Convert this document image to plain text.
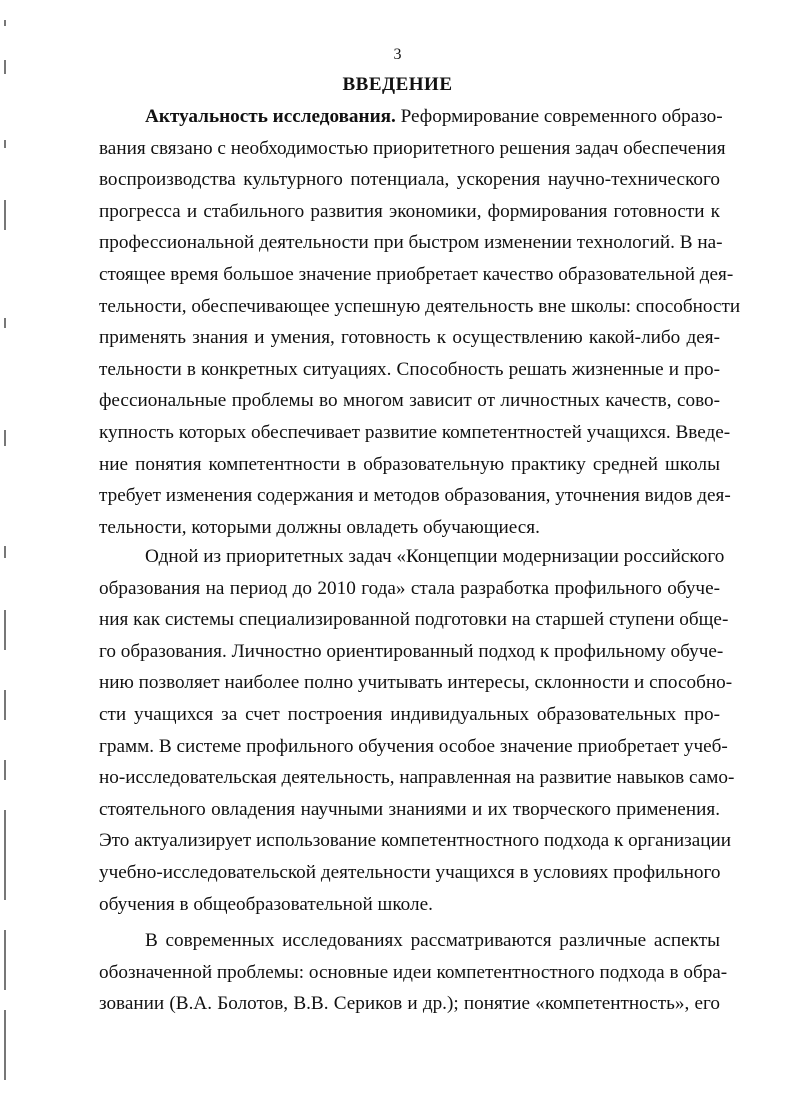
3
ВВЕДЕНИЕ
Актуальность исследования. Реформирование современного образо-
вания связано с необходимостью приоритетного решения задач обеспечения
воспроизводства культурного потенциала, ускорения научно-технического
прогресса и стабильного развития экономики, формирования готовности к
профессиональной деятельности при быстром изменении технологий. В на-
стоящее время большое значение приобретает качество образовательной дея-
тельности, обеспечивающее успешную деятельность вне школы: способности
применять знания и умения, готовность к осуществлению какой-либо дея-
тельности в конкретных ситуациях. Способность решать жизненные и про-
фессиональные проблемы во многом зависит от личностных качеств, сово-
купность которых обеспечивает развитие компетентностей учащихся. Введе-
ние понятия компетентности в образовательную практику средней школы
требует изменения содержания и методов образования, уточнения видов дея-
тельности, которыми должны овладеть обучающиеся.
Одной из приоритетных задач «Концепции модернизации российского
образования на период до 2010 года» стала разработка профильного обуче-
ния как системы специализированной подготовки на старшей ступени обще-
го образования. Личностно ориентированный подход к профильному обуче-
нию позволяет наиболее полно учитывать интересы, склонности и способно-
сти учащихся за счет построения индивидуальных образовательных про-
грамм. В системе профильного обучения особое значение приобретает учеб-
но-исследовательская деятельность, направленная на развитие навыков само-
стоятельного овладения научными знаниями и их творческого применения.
Это актуализирует использование компетентностного подхода к организации
учебно-исследовательской деятельности учащихся в условиях профильного
обучения в общеобразовательной школе.
В современных исследованиях рассматриваются различные аспекты
обозначенной проблемы: основные идеи компетентностного подхода в обра-
зовании (В.А. Болотов, В.В. Сериков и др.); понятие «компетентность», его
